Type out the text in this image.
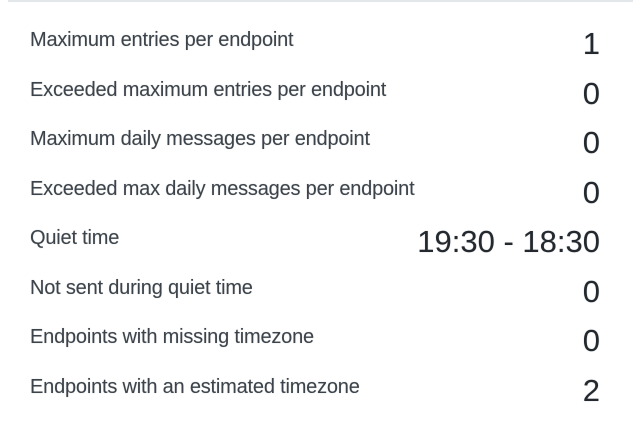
Maximum entries per endpoint	1
Exceeded maximum entries per endpoint	0
Maximum daily messages per endpoint	0
Exceeded max daily messages per endpoint	0
Quiet time	19:30 - 18:30
Not sent during quiet time	0
Endpoints with missing timezone	0
Endpoints with an estimated timezone	2
